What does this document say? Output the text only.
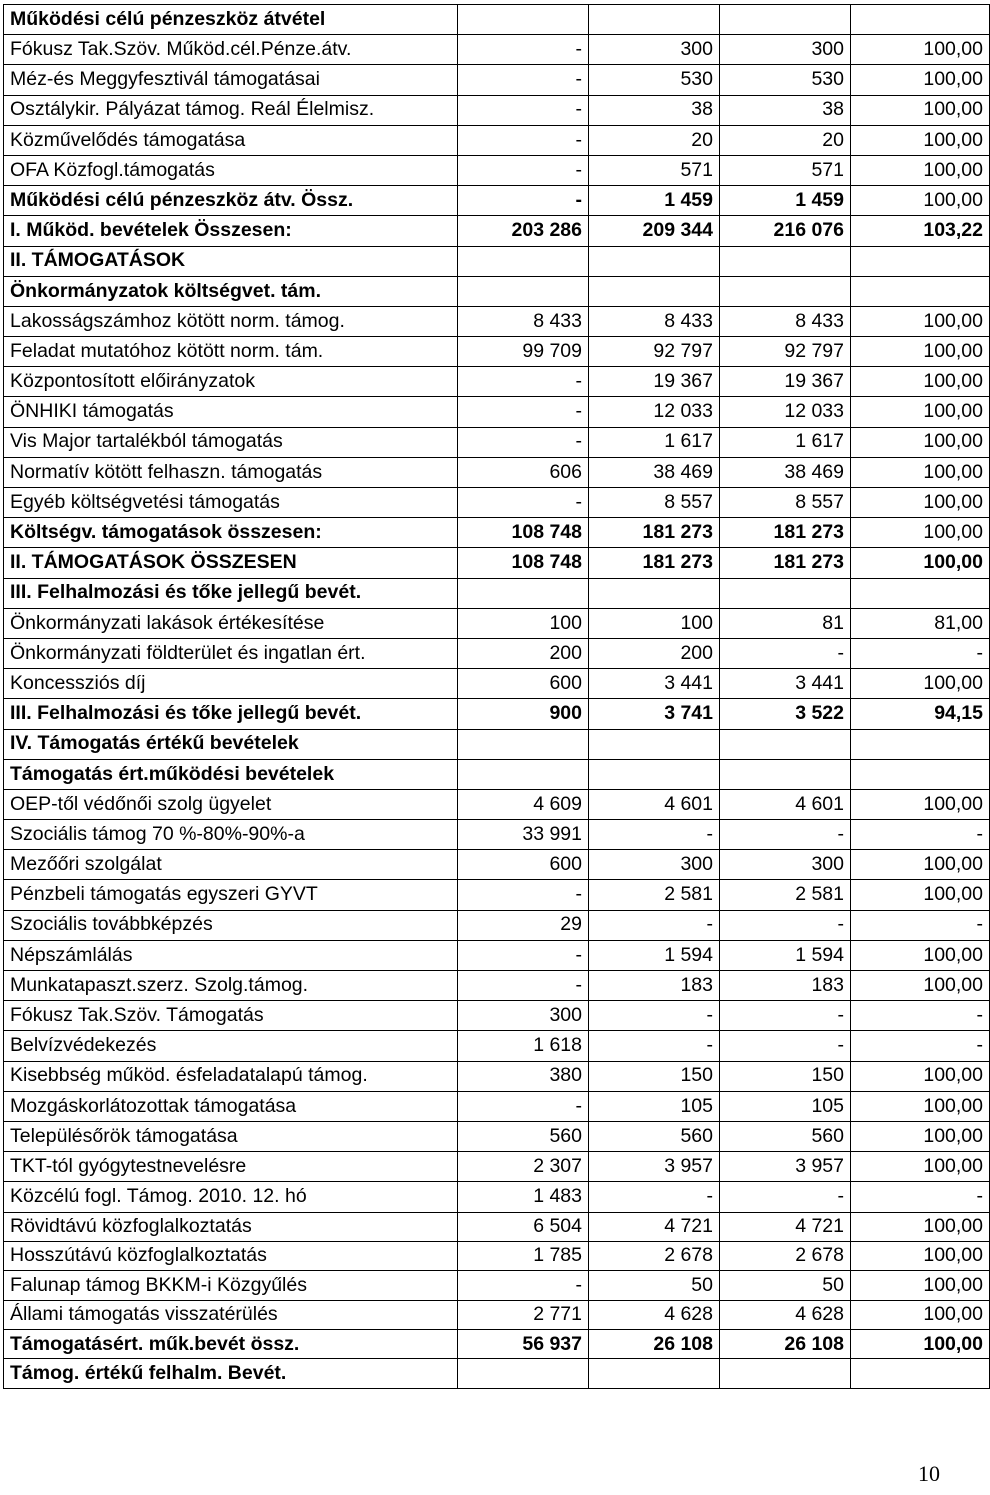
Működési célú pénzeszköz átvétel				
Fókusz Tak.Szöv. Működ.cél.Pénze.átv.	-	300	300	100,00
Méz-és Meggyfesztivál támogatásai	-	530	530	100,00
Osztálykir. Pályázat támog. Reál Élelmisz.	-	38	38	100,00
Közművelődés támogatása	-	20	20	100,00
OFA Közfogl.támogatás	-	571	571	100,00
Működési célú pénzeszköz átv. Össz.	-	1 459	1 459	100,00
I. Működ. bevételek Összesen:	203 286	209 344	216 076	103,22
II. TÁMOGATÁSOK				
Önkormányzatok költségvet. tám.				
Lakosságszámhoz kötött norm. támog.	8 433	8 433	8 433	100,00
Feladat mutatóhoz kötött norm. tám.	99 709	92 797	92 797	100,00
Központosított előirányzatok	-	19 367	19 367	100,00
ÖNHIKI támogatás	-	12 033	12 033	100,00
Vis Major tartalékból támogatás	-	1 617	1 617	100,00
Normatív kötött felhaszn. támogatás	606	38 469	38 469	100,00
Egyéb költségvetési támogatás	-	8 557	8 557	100,00
Költségv. támogatások összesen:	108 748	181 273	181 273	100,00
II. TÁMOGATÁSOK ÖSSZESEN	108 748	181 273	181 273	100,00
III. Felhalmozási és tőke jellegű bevét.				
Önkormányzati lakások értékesítése	100	100	81	81,00
Önkormányzati földterület és ingatlan ért.	200	200	-	-
Koncessziós díj	600	3 441	3 441	100,00
III. Felhalmozási és tőke jellegű bevét.	900	3 741	3 522	94,15
IV. Támogatás értékű bevételek				
Támogatás ért.működési bevételek				
OEP-től védőnői szolg ügyelet	4 609	4 601	4 601	100,00
Szociális támog 70 %-80%-90%-a	33 991	-	-	-
Mezőőri szolgálat	600	300	300	100,00
Pénzbeli támogatás egyszeri GYVT	-	2 581	2 581	100,00
Szociális továbbképzés	29	-	-	-
Népszámlálás	-	1 594	1 594	100,00
Munkatapaszt.szerz. Szolg.támog.	-	183	183	100,00
Fókusz Tak.Szöv. Támogatás	300	-	-	-
Belvízvédekezés	1 618	-	-	-
Kisebbség működ. ésfeladatalapú támog.	380	150	150	100,00
Mozgáskorlátozottak támogatása	-	105	105	100,00
Településőrök támogatása	560	560	560	100,00
TKT-tól gyógytestnevelésre	2 307	3 957	3 957	100,00
Közcélú fogl. Támog. 2010. 12. hó	1 483	-	-	-
Rövidtávú közfoglalkoztatás	6 504	4 721	4 721	100,00
Hosszútávú közfoglalkoztatás	1 785	2 678	2 678	100,00
Falunap támog BKKM-i Közgyűlés	-	50	50	100,00
Állami támogatás visszatérülés	2 771	4 628	4 628	100,00
Támogatásért. műk.bevét össz.	56 937	26 108	26 108	100,00
Támog. értékű felhalm. Bevét.				
10
